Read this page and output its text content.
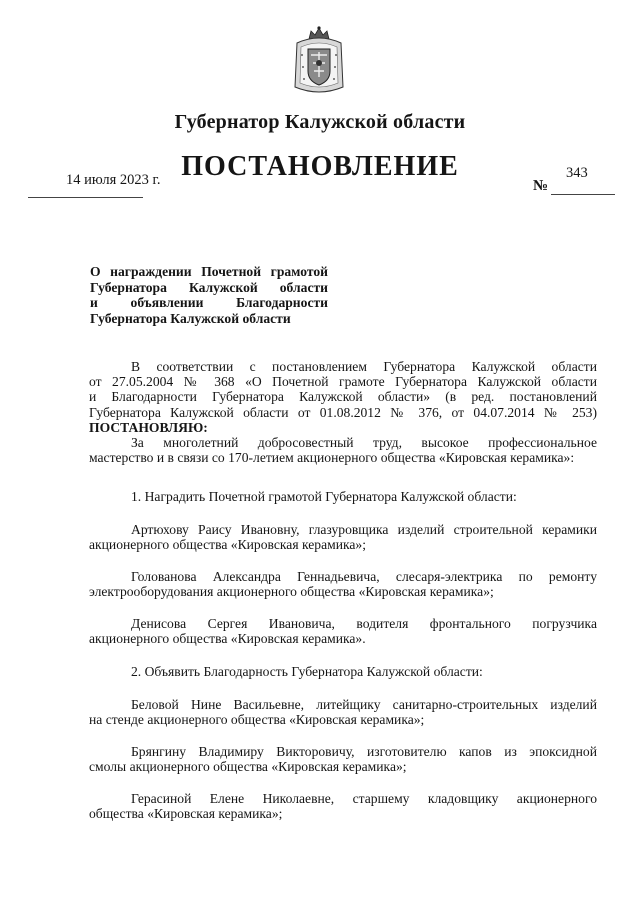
Губернатор Калужской области
ПОСТАНОВЛЕНИЕ
14 июля 2023 г.	343
№
О награждении Почетной грамотой
Губернатора Калужской области
и объявлении Благодарности
Губернатора Калужской области
В соответствии с постановлением Губернатора Калужской области
от 27.05.2004 № 368 «О Почетной грамоте Губернатора Калужской области
и Благодарности Губернатора Калужской области» (в ред. постановлений
Губернатора Калужской области от 01.08.2012 № 376, от 04.07.2014 № 253)
ПОСТАНОВЛЯЮ:
За многолетний добросовестный труд, высокое профессиональное
мастерство и в связи со 170-летием акционерного общества «Кировская керамика»:
1. Наградить Почетной грамотой Губернатора Калужской области:
Артюхову Раису Ивановну, глазуровщика изделий строительной керамики
акционерного общества «Кировская керамика»;
Голованова Александра Геннадьевича, слесаря-электрика по ремонту
электрооборудования акционерного общества «Кировская керамика»;
Денисова Сергея Ивановича, водителя фронтального погрузчика
акционерного общества «Кировская керамика».
2. Объявить Благодарность Губернатора Калужской области:
Беловой Нине Васильевне, литейщику санитарно-строительных изделий
на стенде акционерного общества «Кировская керамика»;
Брянгину Владимиру Викторовичу, изготовителю капов из эпоксидной
смолы акционерного общества «Кировская керамика»;
Герасиной Елене Николаевне, старшему кладовщику акционерного
общества «Кировская керамика»;
